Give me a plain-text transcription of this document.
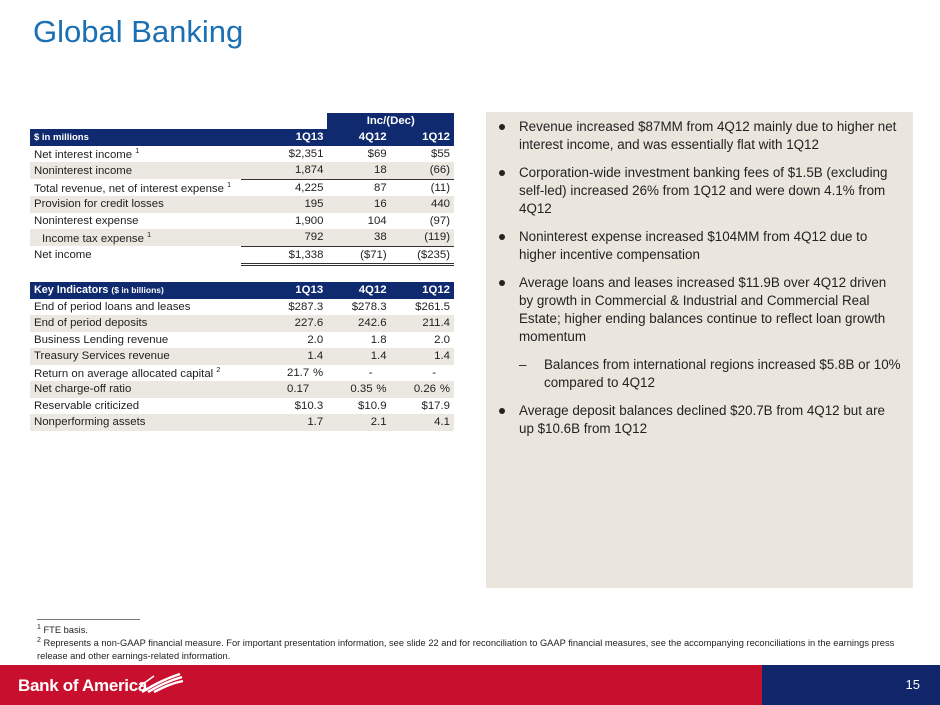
Global Banking
		Inc/(Dec)	
$ in millions	1Q13	4Q12	1Q12
Net interest income $^1$	$2,351	$69	$55
Noninterest income	1,874	18	(66)
Total revenue, net of interest expense $^1$	4,225	87	(11)
Provision for credit losses	195	16	440
Noninterest expense	1,900	104	(97)
Income tax expense $^1$	792	38	(119)
Net income	$1,338	($71)	($235)
Key Indicators ($ in billions)	1Q13	4Q12	1Q12
End of period loans and leases	$287.3	$278.3	$261.5
End of period deposits	227.6	242.6	211.4
Business Lending revenue	2.0	1.8	2.0
Treasury Services revenue	1.4	1.4	1.4
Return on average allocated capital $^2$	21.7 %	-	-
Net charge-off ratio	0.17	0.35 %	0.26 %
Reservable criticized	$10.3	$10.9	$17.9
Nonperforming assets	1.7	2.1	4.1
Revenue increased $87MM from 4Q12 mainly due to higher net interest income, and was essentially flat with 1Q12
Corporation-wide investment banking fees of $1.5B (excluding self-led) increased 26% from 1Q12 and were down 4.1% from 4Q12
Noninterest expense increased $104MM from 4Q12 due to higher incentive compensation
Average loans and leases increased $11.9B over 4Q12 driven by growth in Commercial & Industrial and Commercial Real Estate; higher ending balances continue to reflect loan growth momentum
– Balances from international regions increased $5.8B or 10% compared to 4Q12
Average deposit balances declined $20.7B from 4Q12 but are up $10.6B from 1Q12
$^1$ FTE basis.
$^2$ Represents a non-GAAP financial measure. For important presentation information, see slide 22 and for reconciliation to GAAP financial measures, see the accompanying reconciliations in the earnings press release and other earnings-related information.
Bank of America	15
